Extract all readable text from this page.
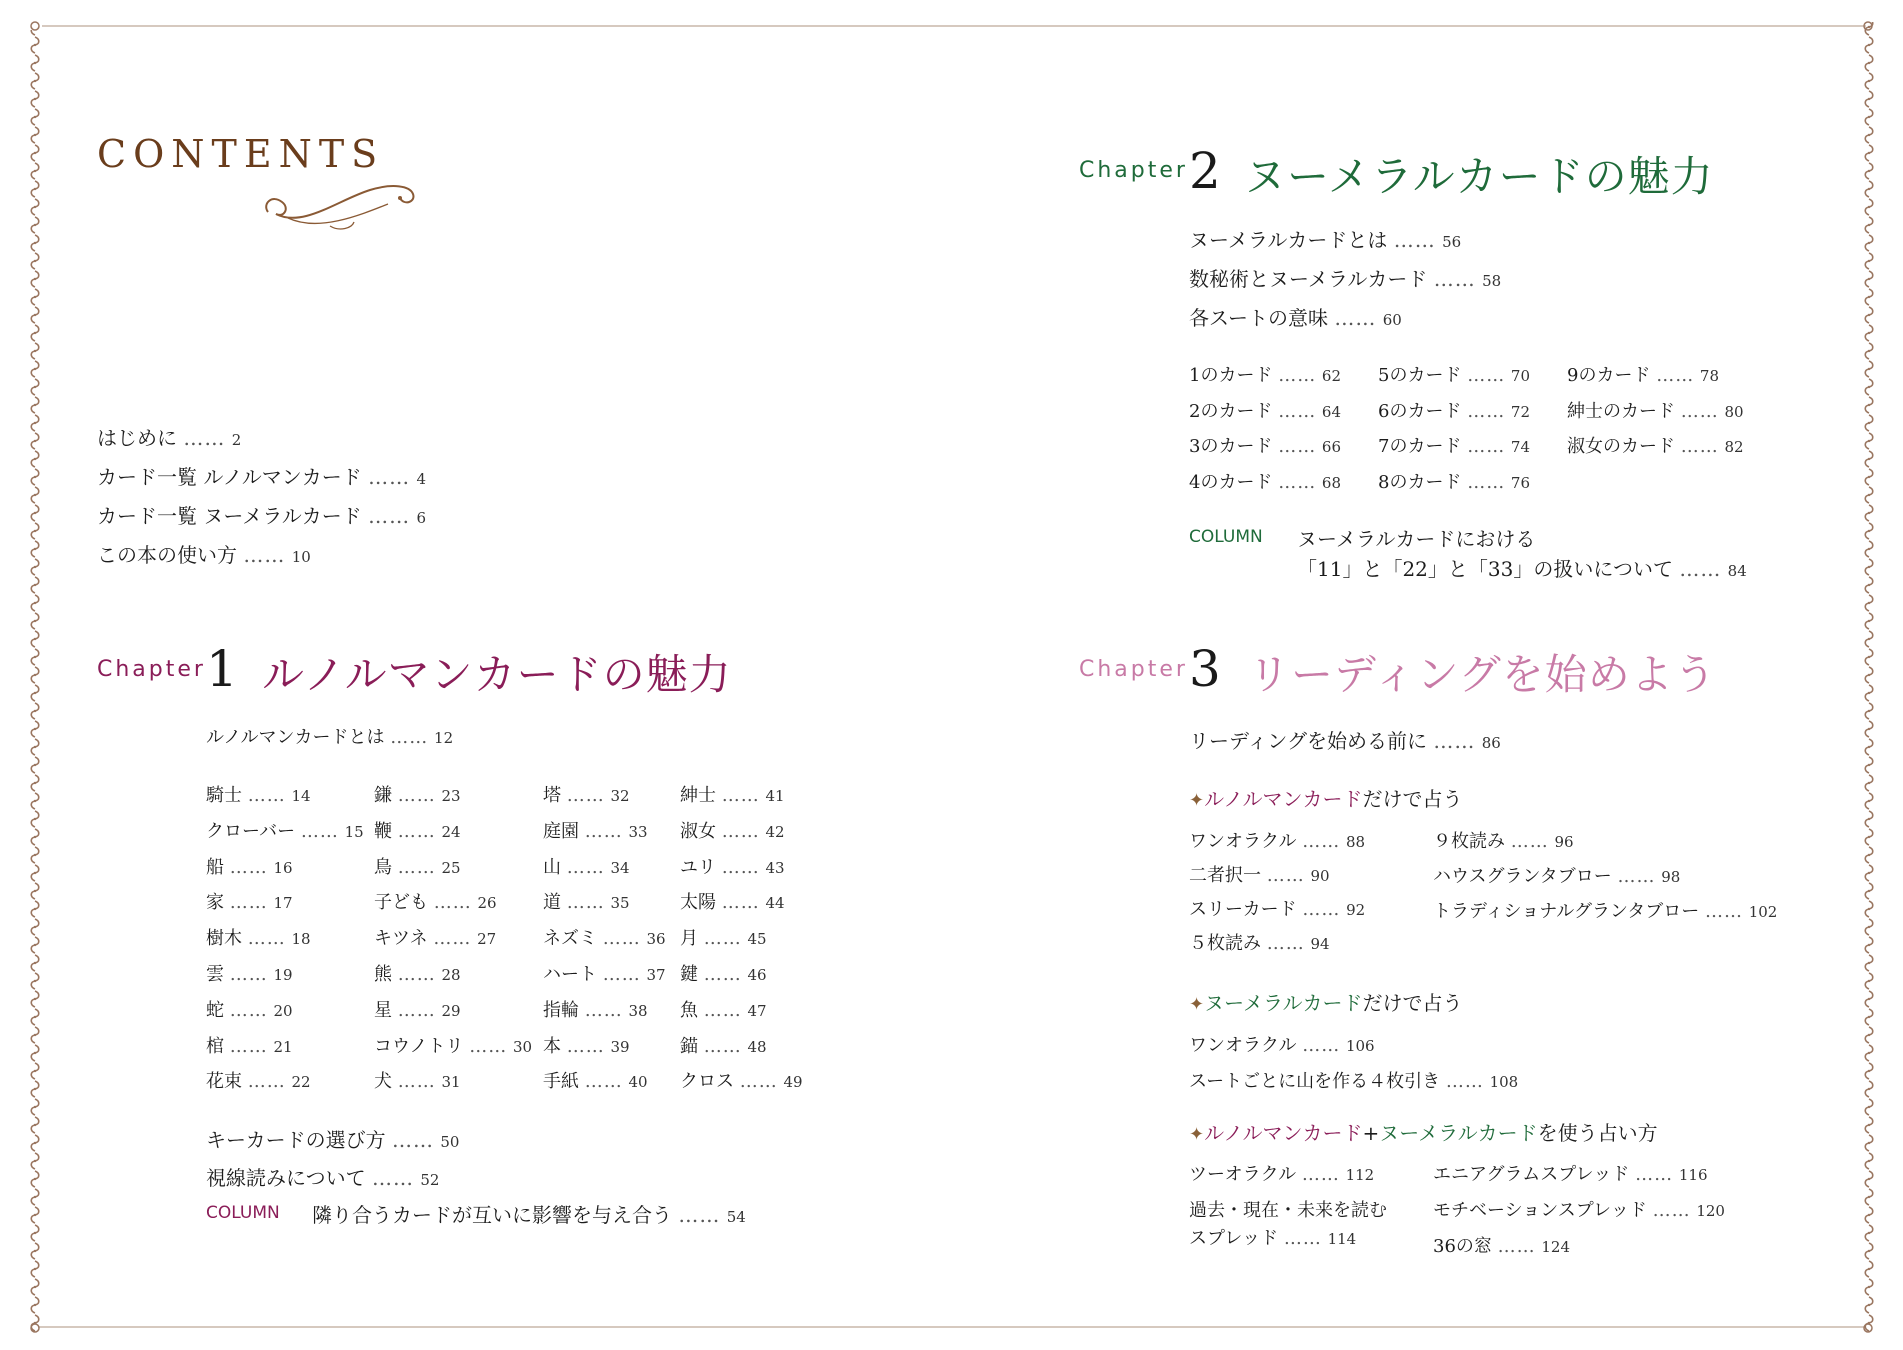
CONTENTS
Chapter 1 ルノルマンカードの魅力
Chapter 2 ヌーメラルカードの魅力
Chapter 3 リーディングを始めよう
COLUMN 隣り合うカードが互いに影響を与え合う …… 54
COLUMN ヌーメラルカードにおける
「11」と「22」と「33」の扱いについて …… 84
✦ルノルマンカードだけで占う
✦ヌーメラルカードだけで占う
✦ルノルマンカード+ヌーメラルカードを使う占い方
過去・現在・未来を読む
はじめに …… 2
カード一覧 ルノルマンカード …… 4
カード一覧 ヌーメラルカード …… 6
この本の使い方 …… 10
ルノルマンカードとは …… 12
騎士 …… 14
クローバー …… 15
船 …… 16
家 …… 17
樹木 …… 18
雲 …… 19
蛇 …… 20
棺 …… 21
花束 …… 22
鎌 …… 23
鞭 …… 24
鳥 …… 25
子ども …… 26
キツネ …… 27
熊 …… 28
星 …… 29
コウノトリ …… 30
犬 …… 31
塔 …… 32
庭園 …… 33
山 …… 34
道 …… 35
ネズミ …… 36
ハート …… 37
指輪 …… 38
本 …… 39
手紙 …… 40
紳士 …… 41
淑女 …… 42
ユリ …… 43
太陽 …… 44
月 …… 45
鍵 …… 46
魚 …… 47
錨 …… 48
クロス …… 49
キーカードの選び方 …… 50
視線読みについて …… 52
ヌーメラルカードとは …… 56
数秘術とヌーメラルカード …… 58
各スートの意味 …… 60
1のカード …… 62
2のカード …… 64
3のカード …… 66
4のカード …… 68
5のカード …… 70
6のカード …… 72
7のカード …… 74
8のカード …… 76
9のカード …… 78
紳士のカード …… 80
淑女のカード …… 82
リーディングを始める前に …… 86
ワンオラクル …… 88
二者択一 …… 90
スリーカード …… 92
５枚読み …… 94
９枚読み …… 96
ハウスグランタブロー …… 98
トラディショナルグランタブロー …… 102
ワンオラクル …… 106
スートごとに山を作る４枚引き …… 108
ツーオラクル …… 112
スプレッド …… 114
エニアグラムスプレッド …… 116
モチベーションスプレッド …… 120
36の窓 …… 124
